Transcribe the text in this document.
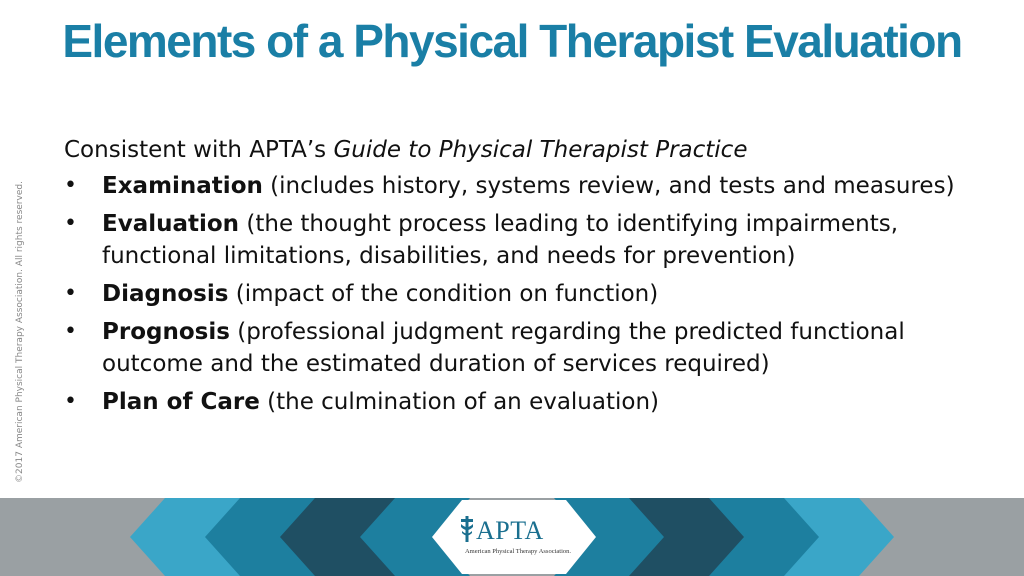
Elements of a Physical Therapist Evaluation
©2017 American Physical Therapy Association. All rights reserved.

Consistent with APTA’s Guide to Physical Therapist Practice

• Examination (includes history, systems review, and tests and measures)
• Evaluation (the thought process leading to identifying impairments, functional limitations, disabilities, and needs for prevention)
• Diagnosis (impact of the condition on function)
• Prognosis (professional judgment regarding the predicted functional outcome and the estimated duration of services required)
• Plan of Care (the culmination of an evaluation)
APTA
American Physical Therapy Association.
